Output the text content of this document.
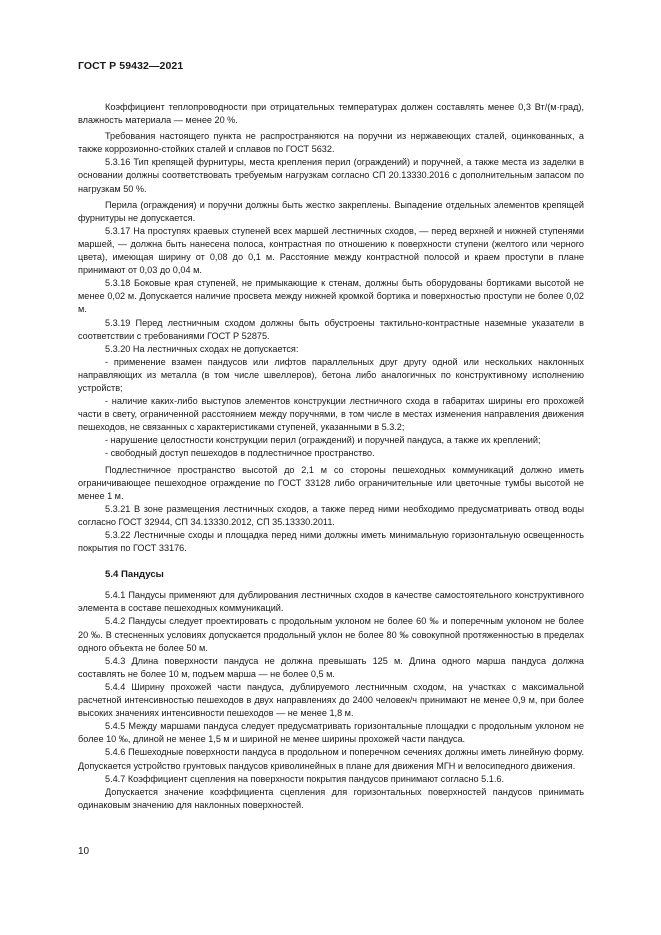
ГОСТ Р 59432—2021

Коэффициент теплопроводности при отрицательных температурах должен составлять менее 0,3 Вт/(м·град), влажность материала — менее 20 %.

Требования настоящего пункта не распространяются на поручни из нержавеющих сталей, оцинкованных, а также коррозионно-стойких сталей и сплавов по ГОСТ 5632.

5.3.16 Тип крепящей фурнитуры, места крепления перил (ограждений) и поручней, а также места из заделки в основании должны соответствовать требуемым нагрузкам согласно СП 20.13330.2016 с дополнительным запасом по нагрузкам 50 %.

Перила (ограждения) и поручни должны быть жестко закреплены. Выпадение отдельных элементов крепящей фурнитуры не допускается.

5.3.17 На проступях краевых ступеней всех маршей лестничных сходов, — перед верхней и нижней ступенями маршей, — должна быть нанесена полоса, контрастная по отношению к поверхности ступени (желтого или черного цвета), имеющая ширину от 0,08 до 0,1 м. Расстояние между контрастной полосой и краем проступи в плане принимают от 0,03 до 0,04 м.

5.3.18 Боковые края ступеней, не примыкающие к стенам, должны быть оборудованы бортиками высотой не менее 0,02 м. Допускается наличие просвета между нижней кромкой бортика и поверхностью проступи не более 0,02 м.

5.3.19 Перед лестничным сходом должны быть обустроены тактильно-контрастные наземные указатели в соответствии с требованиями ГОСТ Р 52875.

5.3.20 На лестничных сходах не допускается:

- применение взамен пандусов или лифтов параллельных друг другу одной или нескольких наклонных направляющих из металла (в том числе швеллеров), бетона либо аналогичных по конструктивному исполнению устройств;

- наличие каких-либо выступов элементов конструкции лестничного схода в габаритах ширины его прохожей части в свету, ограниченной расстоянием между поручнями, в том числе в местах изменения направления движения пешеходов, не связанных с характеристиками ступеней, указанными в 5.3.2;

- нарушение целостности конструкции перил (ограждений) и поручней пандуса, а также их креплений;

- свободный доступ пешеходов в подлестничное пространство.

Подлестничное пространство высотой до 2,1 м со стороны пешеходных коммуникаций должно иметь ограничивающее пешеходное ограждение по ГОСТ 33128 либо ограничительные или цветочные тумбы высотой не менее 1 м.

5.3.21 В зоне размещения лестничных сходов, а также перед ними необходимо предусматривать отвод воды согласно ГОСТ 32944, СП 34.13330.2012, СП 35.13330.2011.

5.3.22 Лестничные сходы и площадка перед ними должны иметь минимальную горизонтальную освещенность покрытия по ГОСТ 33176.

5.4 Пандусы

5.4.1 Пандусы применяют для дублирования лестничных сходов в качестве самостоятельного конструктивного элемента в составе пешеходных коммуникаций.

5.4.2 Пандусы следует проектировать с продольным уклоном не более 60 ‰ и поперечным уклоном не более 20 ‰. В стесненных условиях допускается продольный уклон не более 80 ‰ совокупной протяженностью в пределах одного объекта не более 50 м.

5.4.3 Длина поверхности пандуса не должна превышать 125 м. Длина одного марша пандуса должна составлять не более 10 м, подъем марша — не более 0,5 м.

5.4.4 Ширину прохожей части пандуса, дублируемого лестничным сходом, на участках с максимальной расчетной интенсивностью пешеходов в двух направлениях до 2400 человек/ч принимают не менее 0,9 м, при более высоких значениях интенсивности пешеходов — не менее 1,8 м.

5.4.5 Между маршами пандуса следует предусматривать горизонтальные площадки с продольным уклоном не более 10 ‰, длиной не менее 1,5 м и шириной не менее ширины прохожей части пандуса.

5.4.6 Пешеходные поверхности пандуса в продольном и поперечном сечениях должны иметь линейную форму. Допускается устройство грунтовых пандусов криволинейных в плане для движения МГН и велосипедного движения.

5.4.7 Коэффициент сцепления на поверхности покрытия пандусов принимают согласно 5.1.6.

Допускается значение коэффициента сцепления для горизонтальных поверхностей пандусов принимать одинаковым значению для наклонных поверхностей.

10
